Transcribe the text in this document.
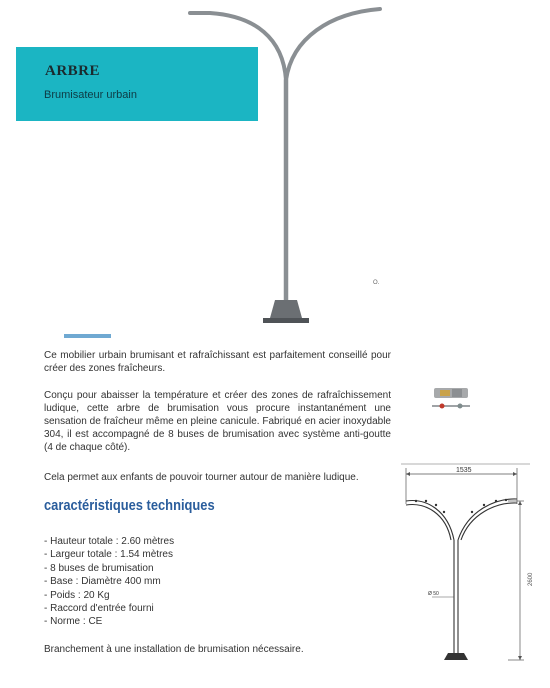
O.
ARBRE
Brumisateur urbain

Ce mobilier urbain brumisant et rafraîchissant est parfaitement conseillé pour créer des zones fraîcheurs.

Conçu pour abaisser la température et créer des zones de rafraîchissement ludique, cette arbre de brumisation vous procure instantanément une sensation de fraîcheur même en pleine canicule. Fabriqué en acier inoxydable 304, il est accompagné de 8 buses de brumisation avec système anti-goutte (4 de chaque côté).

Cela permet aux enfants de pouvoir tourner autour de manière ludique.

caractéristiques techniques
- Hauteur totale : 2.60 mètres
- Largeur totale : 1.54 mètres
- 8 buses de brumisation
- Base : Diamètre 400 mm
- Poids : 20 Kg
- Raccord d'entrée fourni
- Norme : CE

Branchement à une installation de brumisation nécessaire.

1535
2600
Ø 50
